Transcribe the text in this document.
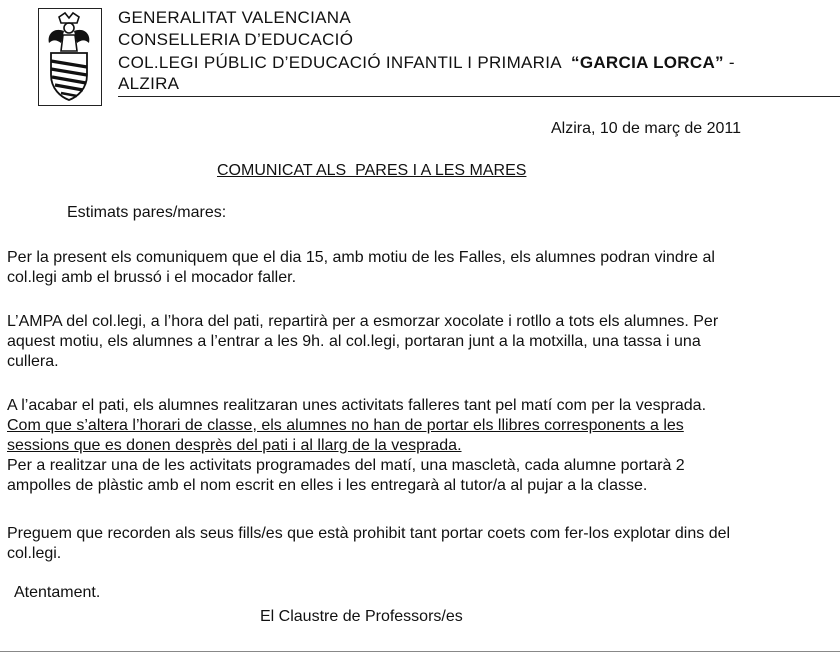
GENERALITAT VALENCIANA
CONSELLERIA D’EDUCACIÓ
COL.LEGI PÚBLIC D’EDUCACIÓ INFANTIL I PRIMARIA  “GARCIA LORCA” -
ALZIRA
Alzira, 10 de març de 2011
COMUNICAT ALS  PARES I A LES MARES
Estimats pares/mares:
Per la present els comuniquem que el dia 15, amb motiu de les Falles, els alumnes podran vindre al
col.legi amb el brussó i el mocador faller.
L’AMPA del col.legi, a l’hora del pati, repartirà per a esmorzar xocolate i rotllo a tots els alumnes. Per
aquest motiu, els alumnes a l’entrar a les 9h. al col.legi, portaran junt a la motxilla, una tassa i una
cullera.
A l’acabar el pati, els alumnes realitzaran unes activitats falleres tant pel matí com per la vesprada.
Com que s’altera l’horari de classe, els alumnes no han de portar els llibres corresponents a les
sessions que es donen desprès del pati i al llarg de la vesprada.
Per a realitzar una de les activitats programades del matí, una mascletà, cada alumne portarà 2
ampolles de plàstic amb el nom escrit en elles i les entregarà al tutor/a al pujar a la classe.
Preguem que recorden als seus fills/es que està prohibit tant portar coets com fer-los explotar dins del
col.legi.
Atentament.
El Claustre de Professors/es
